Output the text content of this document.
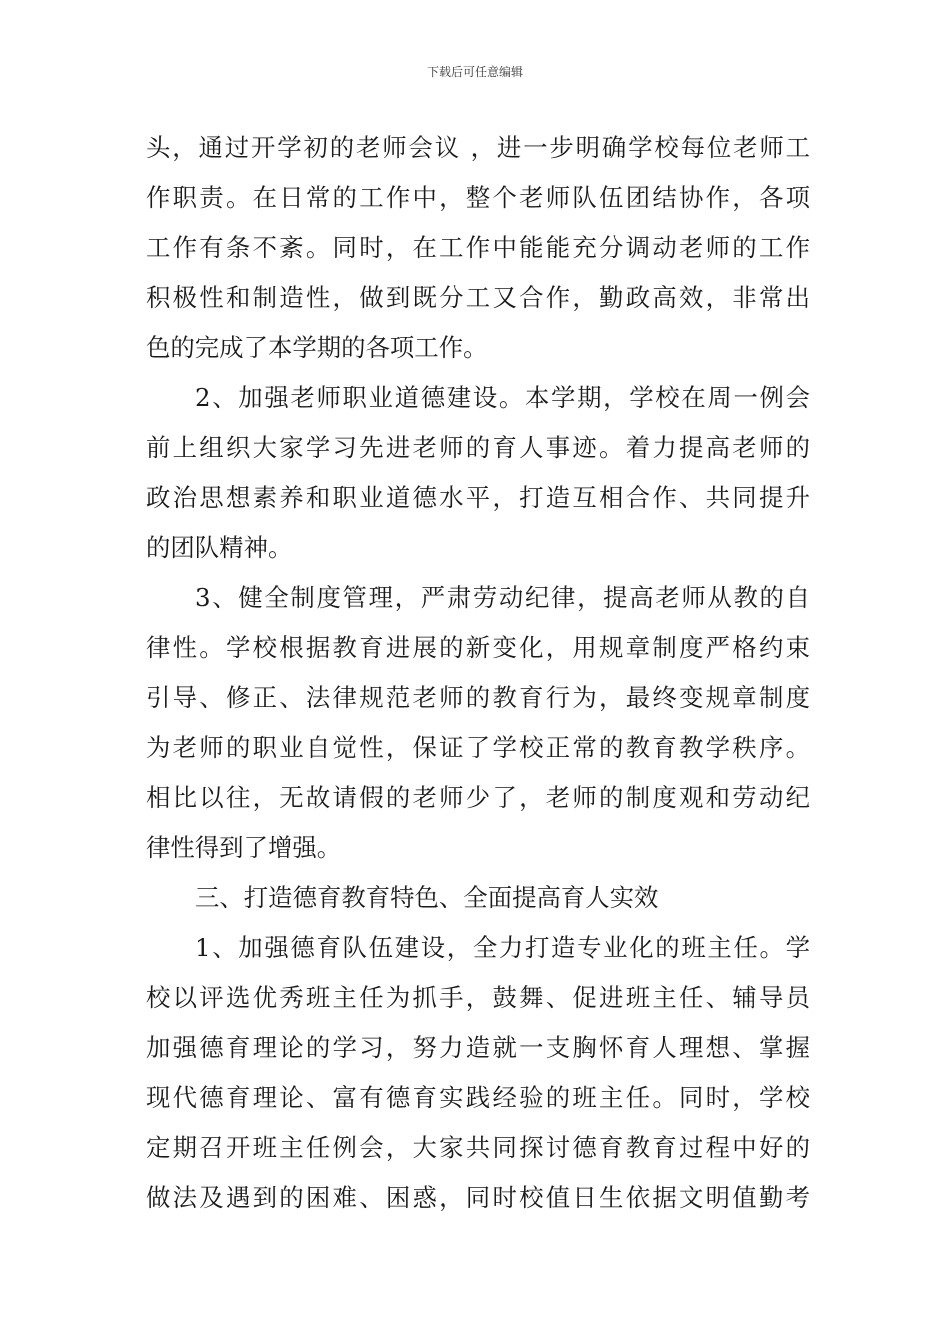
下载后可任意编辑
头，通过开学初的老师会议 ，进一步明确学校每位老师工
作职责。在日常的工作中，整个老师队伍团结协作，各项
工作有条不紊。同时，在工作中能能充分调动老师的工作
积极性和制造性，做到既分工又合作，勤政高效，非常出
色的完成了本学期的各项工作。
2、加强老师职业道德建设。本学期，学校在周一例会
前上组织大家学习先进老师的育人事迹。着力提高老师的
政治思想素养和职业道德水平，打造互相合作、共同提升
的团队精神。
3、健全制度管理，严肃劳动纪律，提高老师从教的自
律性。学校根据教育进展的新变化，用规章制度严格约束
引导、修正、法律规范老师的教育行为，最终变规章制度
为老师的职业自觉性，保证了学校正常的教育教学秩序。
相比以往，无故请假的老师少了，老师的制度观和劳动纪
律性得到了增强。
三、打造德育教育特色、全面提高育人实效
1、加强德育队伍建设，全力打造专业化的班主任。学
校以评选优秀班主任为抓手，鼓舞、促进班主任、辅导员
加强德育理论的学习，努力造就一支胸怀育人理想、掌握
现代德育理论、富有德育实践经验的班主任。同时，学校
定期召开班主任例会，大家共同探讨德育教育过程中好的
做法及遇到的困难、困惑，同时校值日生依据文明值勤考
